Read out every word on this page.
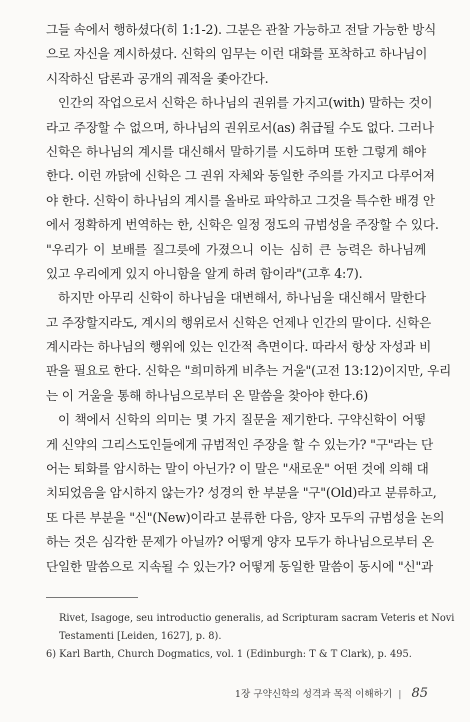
그들 속에서 행하셨다(히 1:1-2). 그분은 관찰 가능하고 전달 가능한 방식
으로 자신을 계시하셨다. 신학의 임무는 이런 대화를 포착하고 하나님이
시작하신 담론과 공개의 궤적을 좇아간다.
인간의 작업으로서 신학은 하나님의 권위를 가지고(with) 말하는 것이
라고 주장할 수 없으며, 하나님의 권위로서(as) 취급될 수도 없다. 그러나
신학은 하나님의 계시를 대신해서 말하기를 시도하며 또한 그렇게 해야
한다. 이런 까닭에 신학은 그 권위 자체와 동일한 주의를 가지고 다루어져
야 한다. 신학이 하나님의 계시를 올바로 파악하고 그것을 특수한 배경 안
에서 정확하게 번역하는 한, 신학은 일정 정도의 규범성을 주장할 수 있다.
"우리가 이 보배를 질그릇에 가졌으니 이는 심히 큰 능력은 하나님께
있고 우리에게 있지 아니함을 알게 하려 함이라"(고후 4:7).
하지만 아무리 신학이 하나님을 대변해서, 하나님을 대신해서 말한다
고 주장할지라도, 계시의 행위로서 신학은 언제나 인간의 말이다. 신학은
계시라는 하나님의 행위에 있는 인간적 측면이다. 따라서 항상 자성과 비
판을 필요로 한다. 신학은 "희미하게 비추는 거울"(고전 13:12)이지만, 우리
는 이 거울을 통해 하나님으로부터 온 말씀을 찾아야 한다.6)
이 책에서 신학의 의미는 몇 가지 질문을 제기한다. 구약신학이 어떻
게 신약의 그리스도인들에게 규범적인 주장을 할 수 있는가? "구"라는 단
어는 퇴화를 암시하는 말이 아닌가? 이 말은 "새로운" 어떤 것에 의해 대
치되었음을 암시하지 않는가? 성경의 한 부분을 "구"(Old)라고 분류하고,
또 다른 부분을 "신"(New)이라고 분류한 다음, 양자 모두의 규범성을 논의
하는 것은 심각한 문제가 아닐까? 어떻게 양자 모두가 하나님으로부터 온
단일한 말씀으로 지속될 수 있는가? 어떻게 동일한 말씀이 동시에 "신"과
Rivet, Isagoge, seu introductio generalis, ad Scripturam sacram Veteris et Novi
Testamenti [Leiden, 1627], p. 8).
6) Karl Barth, Church Dogmatics, vol. 1 (Edinburgh: T & T Clark), p. 495.
1장 구약신학의 성격과 목적 이해하기 | 85
